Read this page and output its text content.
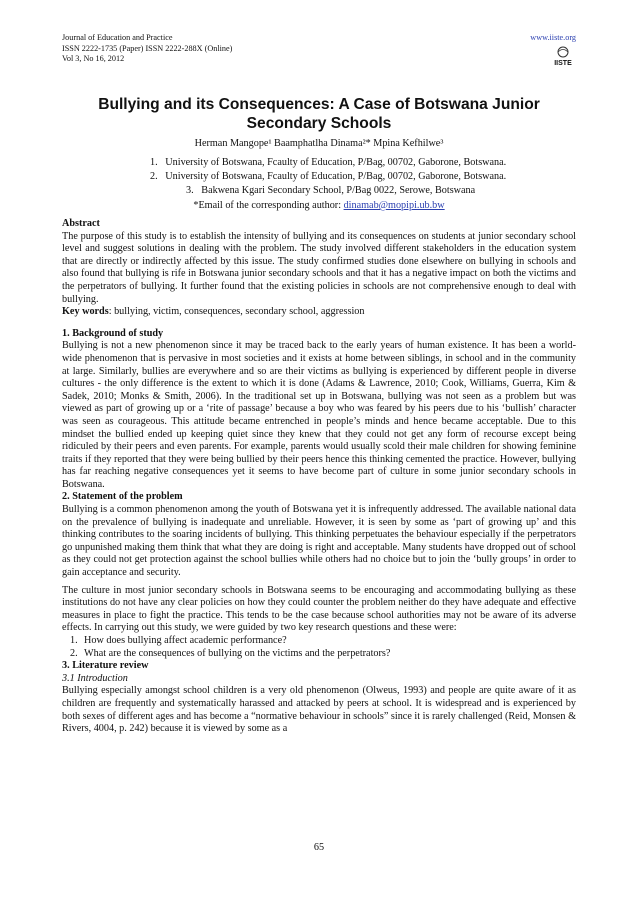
Journal of Education and Practice
ISSN 2222-1735 (Paper) ISSN 2222-288X (Online)
Vol 3, No 16, 2012
www.iiste.org
IISTE
Bullying and its Consequences: A Case of Botswana Junior Secondary Schools
Herman Mangope¹ Baamphatlha Dinama²* Mpina Kefhilwe³
1. University of Botswana, Fcaulty of Education, P/Bag, 00702, Gaborone, Botswana.
2. University of Botswana, Fcaulty of Education, P/Bag, 00702, Gaborone, Botswana.
3. Bakwena Kgari Secondary School, P/Bag 0022, Serowe, Botswana
*Email of the corresponding author: dinamab@mopipi.ub.bw

Abstract

The purpose of this study is to establish the intensity of bullying and its consequences on students at junior secondary school level and suggest solutions in dealing with the problem. The study involved different stakeholders in the education system that are directly or indirectly affected by this issue. The study confirmed studies done elsewhere on bullying in schools and also found that bullying is rife in Botswana junior secondary schools and that it has a negative impact on both the victims and the perpetrators of bullying. It further found that the existing policies in schools are not comprehensive enough to deal with bullying.

Key words: bullying, victim, consequences, secondary school, aggression

1. Background of study

Bullying is not a new phenomenon since it may be traced back to the early years of human existence. It has been a world-wide phenomenon that is pervasive in most societies and it exists at home between siblings, in school and in the community at large. Similarly, bullies are everywhere and so are their victims as bullying is experienced by different people in diverse cultures - the only difference is the extent to which it is done (Adams & Lawrence, 2010; Cook, Williams, Guerra, Kim & Sadek, 2010; Monks & Smith, 2006). In the traditional set up in Botswana, bullying was not seen as a problem but was viewed as part of growing up or a ‘rite of passage’ because a boy who was feared by his peers due to his ‘bullish’ character was seen as courageous. This attitude became entrenched in people’s minds and hence became acceptable. Due to this mindset the bullied ended up keeping quiet since they knew that they could not get any form of recourse except being ridiculed by their peers and even parents. For example, parents would usually scold their male children for showing feminine traits if they reported that they were being bullied by their peers hence this thinking cemented the practice. However, bullying has far reaching negative consequences yet it seems to have become part of culture in some junior secondary schools in Botswana.

2. Statement of the problem

Bullying is a common phenomenon among the youth of Botswana yet it is infrequently addressed. The available national data on the prevalence of bullying is inadequate and unreliable. However, it is seen by some as ‘part of growing up’ and this thinking contributes to the soaring incidents of bullying. This thinking perpetuates the behaviour especially if the perpetrators go unpunished making them think that what they are doing is right and acceptable. Many students have dropped out of school as they could not get protection against the school bullies while others had no choice but to join the ‘bully groups’ in order to gain acceptance and security.

The culture in most junior secondary schools in Botswana seems to be encouraging and accommodating bullying as these institutions do not have any clear policies on how they could counter the problem neither do they have adequate and effective measures in place to fight the practice. This tends to be the case because school authorities may not be aware of its adverse effects. In carrying out this study, we were guided by two key research questions and these were:

1. How does bullying affect academic performance?
2. What are the consequences of bullying on the victims and the perpetrators?

3. Literature review

3.1 Introduction

Bullying especially amongst school children is a very old phenomenon (Olweus, 1993) and people are quite aware of it as children are frequently and systematically harassed and attacked by peers at school. It is widespread and is experienced by both sexes of different ages and has become a “normative behaviour in schools” since it is rarely challenged (Reid, Monsen & Rivers, 4004, p. 242) because it is viewed by some as a

65
